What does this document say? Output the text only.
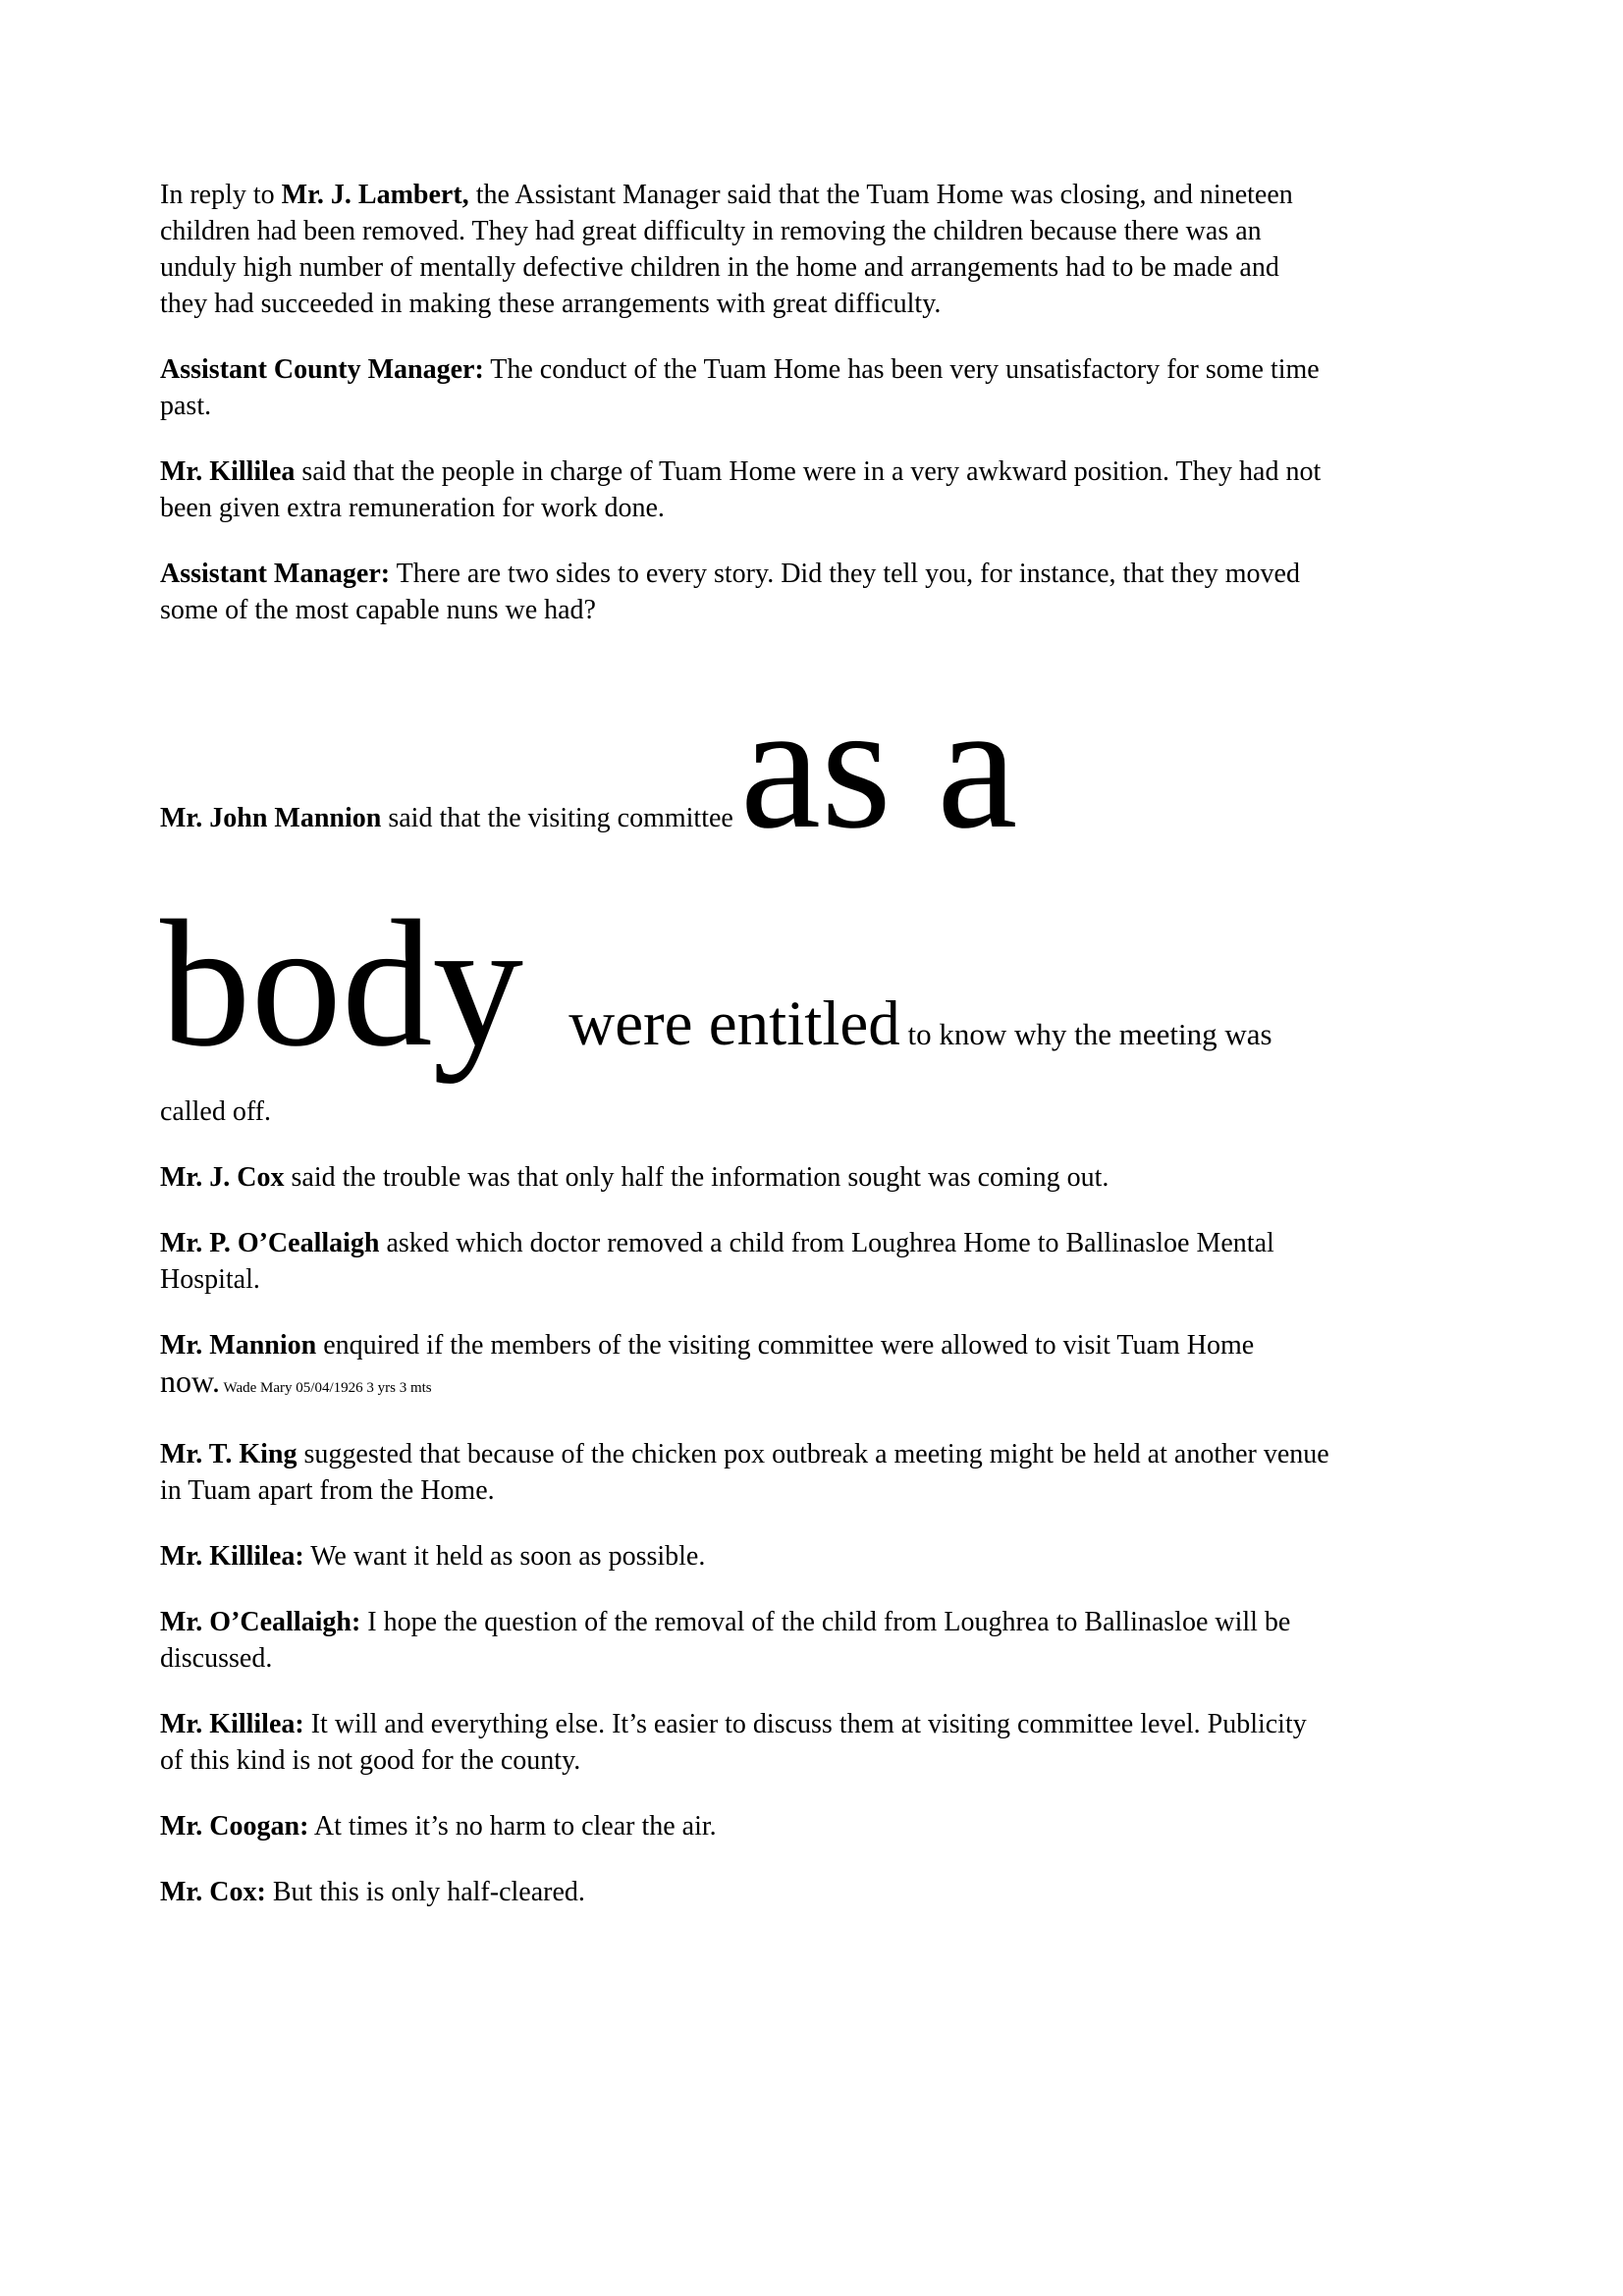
In reply to Mr. J. Lambert, the Assistant Manager said that the Tuam Home was closing, and nineteen children had been removed. They had great difficulty in removing the children because there was an unduly high number of mentally defective children in the home and arrangements had to be made and they had succeeded in making these arrangements with great difficulty.

Assistant County Manager: The conduct of the Tuam Home has been very unsatisfactory for some time past.

Mr. Killilea said that the people in charge of Tuam Home were in a very awkward position. They had not been given extra remuneration for work done.

Assistant Manager: There are two sides to every story. Did they tell you, for instance, that they moved some of the most capable nuns we had?

Mr. John Mannion said that the visiting committee as a
body were entitled to know why the meeting was
called off.

Mr. J. Cox said the trouble was that only half the information sought was coming out.

Mr. P. O’Ceallaigh asked which doctor removed a child from Loughrea Home to Ballinasloe Mental Hospital.

Mr. Mannion enquired if the members of the visiting committee were allowed to visit Tuam Home
now. Wade Mary 05/04/1926 3 yrs 3 mts

Mr. T. King suggested that because of the chicken pox outbreak a meeting might be held at another venue in Tuam apart from the Home.

Mr. Killilea: We want it held as soon as possible.

Mr. O’Ceallaigh: I hope the question of the removal of the child from Loughrea to Ballinasloe will be discussed.

Mr. Killilea: It will and everything else. It’s easier to discuss them at visiting committee level. Publicity of this kind is not good for the county.

Mr. Coogan: At times it’s no harm to clear the air.

Mr. Cox: But this is only half-cleared.
